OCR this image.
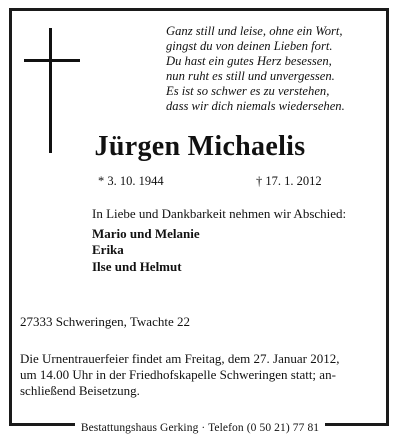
Ganz still und leise, ohne ein Wort,
gingst du von deinen Lieben fort.
Du hast ein gutes Herz besessen,
nun ruht es still und unvergessen.
Es ist so schwer es zu verstehen,
dass wir dich niemals wiedersehen.
Jürgen Michaelis
* 3. 10. 1944	† 17. 1. 2012
In Liebe und Dankbarkeit nehmen wir Abschied:
Mario und Melanie
Erika
Ilse und Helmut
27333 Schweringen, Twachte 22
Die Urnentrauerfeier findet am Freitag, dem 27. Januar 2012,
um 14.00 Uhr in der Friedhofskapelle Schweringen statt; an-
schließend Beisetzung.
Bestattungshaus Gerking · Telefon (0 50 21) 77 81
